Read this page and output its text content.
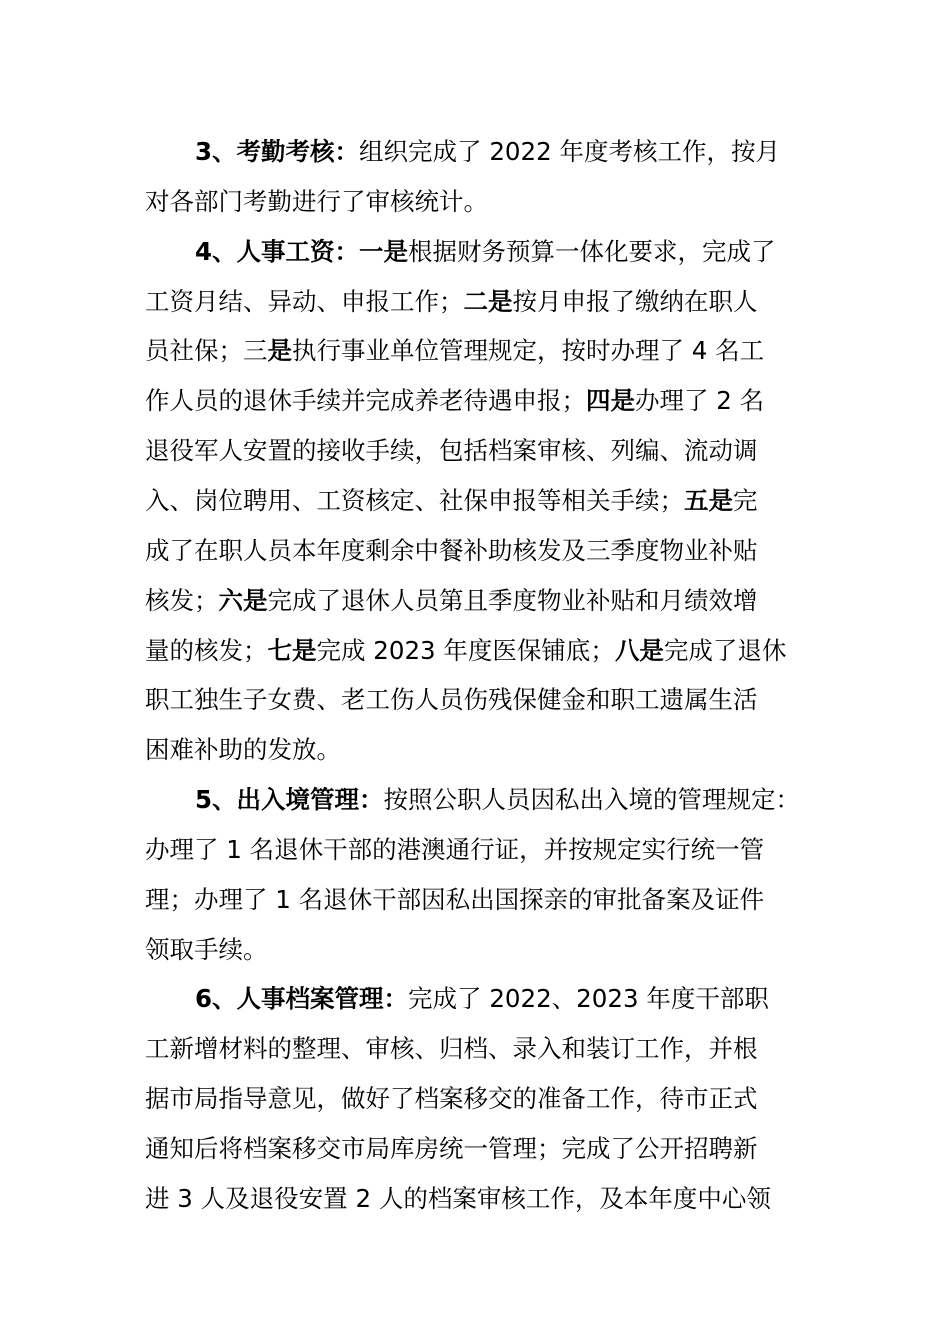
3、考勤考核：组织完成了 2022 年度考核工作，按月
对各部门考勤进行了审核统计。
4、人事工资：一是根据财务预算一体化要求，完成了
工资月结、异动、申报工作；二是按月申报了缴纳在职人
员社保；三是执行事业单位管理规定，按时办理了 4 名工
作人员的退休手续并完成养老待遇申报；四是办理了 2 名
退役军人安置的接收手续，包括档案审核、列编、流动调
入、岗位聘用、工资核定、社保申报等相关手续；五是完
成了在职人员本年度剩余中餐补助核发及三季度物业补贴
核发；六是完成了退休人员第且季度物业补贴和月绩效增
量的核发；七是完成 2023 年度医保铺底；八是完成了退休
职工独生子女费、老工伤人员伤残保健金和职工遗属生活
困难补助的发放。
5、出入境管理：按照公职人员因私出入境的管理规定：
办理了 1 名退休干部的港澳通行证，并按规定实行统一管
理；办理了 1 名退休干部因私出国探亲的审批备案及证件
领取手续。
6、人事档案管理：完成了 2022、2023 年度干部职
工新增材料的整理、审核、归档、录入和装订工作，并根
据市局指导意见，做好了档案移交的准备工作，待市正式
通知后将档案移交市局库房统一管理；完成了公开招聘新
进 3 人及退役安置 2 人的档案审核工作，及本年度中心领
